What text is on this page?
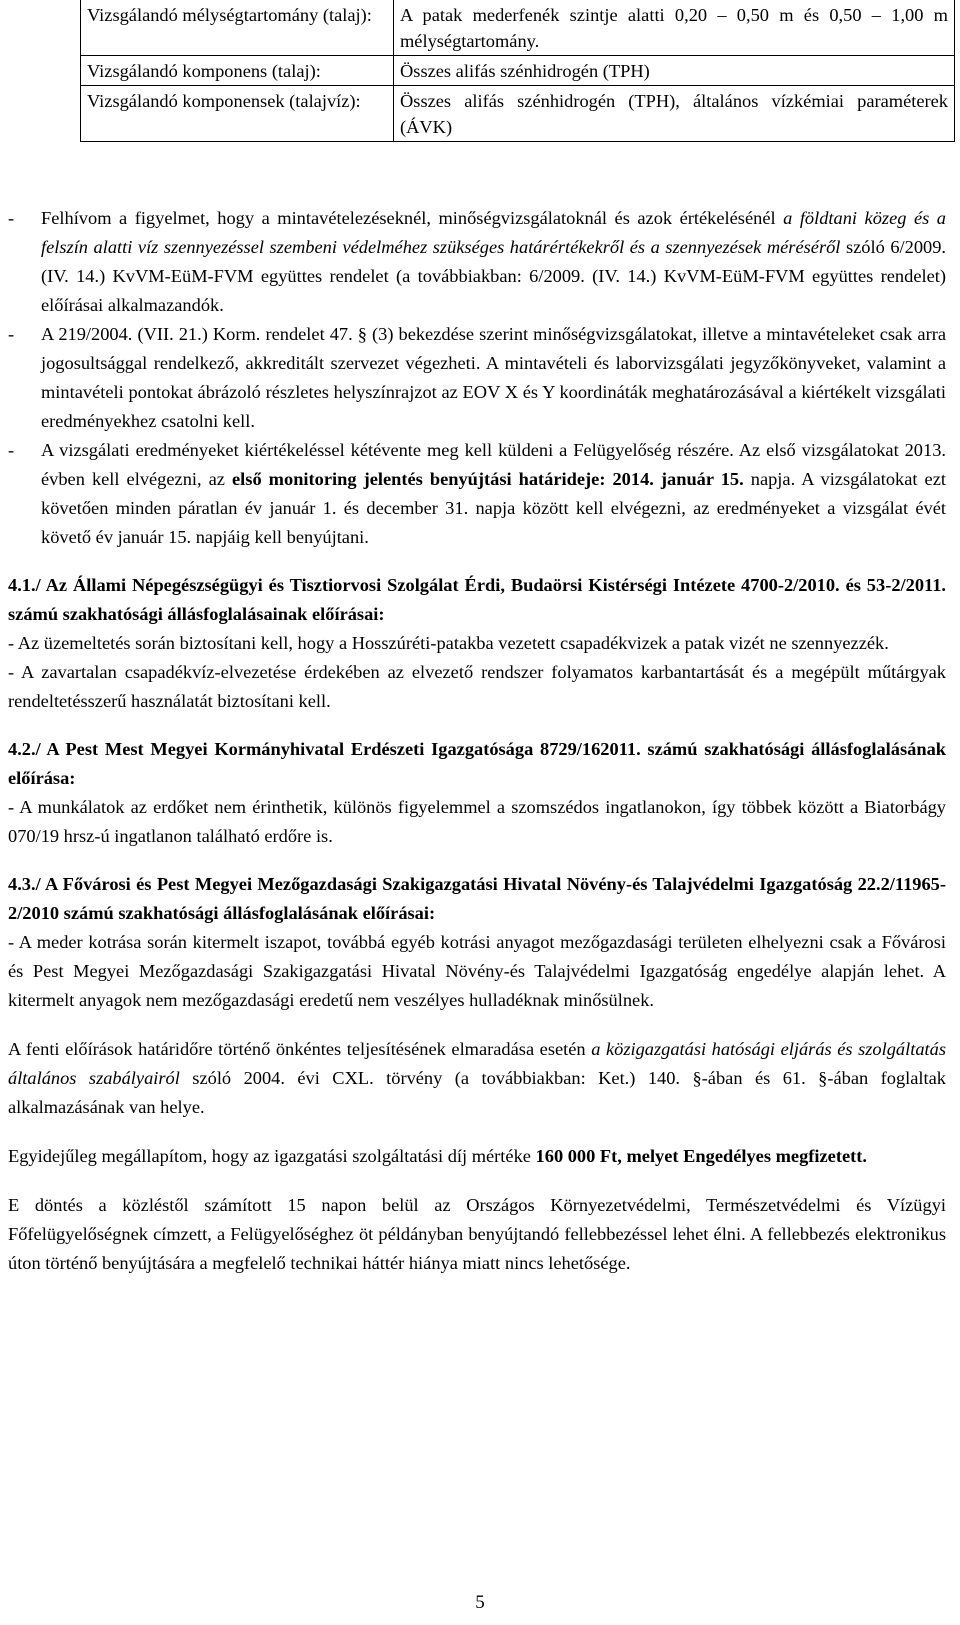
Vizsgálandó mélységtartomány (talaj):	A patak mederfenék szintje alatti 0,20 – 0,50 m és 0,50 – 1,00 m mélységtartomány.
Vizsgálandó komponens (talaj):	Összes alifás szénhidrogén (TPH)
Vizsgálandó komponensek (talajvíz):	Összes alifás szénhidrogén (TPH), általános vízkémiai paraméterek (ÁVK)
- Felhívom a figyelmet, hogy a mintavételezéseknél, minőségvizsgálatoknál és azok értékelésénél a földtani közeg és a felszín alatti víz szennyezéssel szembeni védelméhez szükséges határértékekről és a szennyezések méréséről szóló 6/2009. (IV. 14.) KvVM-EüM-FVM együttes rendelet (a továbbiakban: 6/2009. (IV. 14.) KvVM-EüM-FVM együttes rendelet) előírásai alkalmazandók.
- A 219/2004. (VII. 21.) Korm. rendelet 47. § (3) bekezdése szerint minőségvizsgálatokat, illetve a mintavételeket csak arra jogosultsággal rendelkező, akkreditált szervezet végezheti. A mintavételi és laborvizsgálati jegyzőkönyveket, valamint a mintavételi pontokat ábrázoló részletes helyszínrajzot az EOV X és Y koordináták meghatározásával a kiértékelt vizsgálati eredményekhez csatolni kell.
- A vizsgálati eredményeket kiértékeléssel kétévente meg kell küldeni a Felügyelőség részére. Az első vizsgálatokat 2013. évben kell elvégezni, az első monitoring jelentés benyújtási határideje: 2014. január 15. napja. A vizsgálatokat ezt követően minden páratlan év január 1. és december 31. napja között kell elvégezni, az eredményeket a vizsgálat évét követő év január 15. napjáig kell benyújtani.

4.1./ Az Állami Népegészségügyi és Tisztiorvosi Szolgálat Érdi, Budaörsi Kistérségi Intézete 4700-2/2010. és 53-2/2011. számú szakhatósági állásfoglalásainak előírásai:

- Az üzemeltetés során biztosítani kell, hogy a Hosszúréti-patakba vezetett csapadékvizek a patak vizét ne szennyezzék.

- A zavartalan csapadékvíz-elvezetése érdekében az elvezető rendszer folyamatos karbantartását és a megépült műtárgyak rendeltetésszerű használatát biztosítani kell.

4.2./ A Pest Mest Megyei Kormányhivatal Erdészeti Igazgatósága 8729/162011. számú szakhatósági állásfoglalásának előírása:

- A munkálatok az erdőket nem érinthetik, különös figyelemmel a szomszédos ingatlanokon, így többek között a Biatorbágy 070/19 hrsz-ú ingatlanon található erdőre is.

4.3./ A Fővárosi és Pest Megyei Mezőgazdasági Szakigazgatási Hivatal Növény-és Talajvédelmi Igazgatóság 22.2/11965-2/2010 számú szakhatósági állásfoglalásának előírásai:

- A meder kotrása során kitermelt iszapot, továbbá egyéb kotrási anyagot mezőgazdasági területen elhelyezni csak a Fővárosi és Pest Megyei Mezőgazdasági Szakigazgatási Hivatal Növény-és Talajvédelmi Igazgatóság engedélye alapján lehet. A kitermelt anyagok nem mezőgazdasági eredetű nem veszélyes hulladéknak minősülnek.

A fenti előírások határidőre történő önkéntes teljesítésének elmaradása esetén a közigazgatási hatósági eljárás és szolgáltatás általános szabályairól szóló 2004. évi CXL. törvény (a továbbiakban: Ket.) 140. §-ában és 61. §-ában foglaltak alkalmazásának van helye.

Egyidejűleg megállapítom, hogy az igazgatási szolgáltatási díj mértéke 160 000 Ft, melyet Engedélyes megfizetett.

E döntés a közléstől számított 15 napon belül az Országos Környezetvédelmi, Természetvédelmi és Vízügyi Főfelügyelőségnek címzett, a Felügyelőséghez öt példányban benyújtandó fellebbezéssel lehet élni. A fellebbezés elektronikus úton történő benyújtására a megfelelő technikai háttér hiánya miatt nincs lehetősége.

5
